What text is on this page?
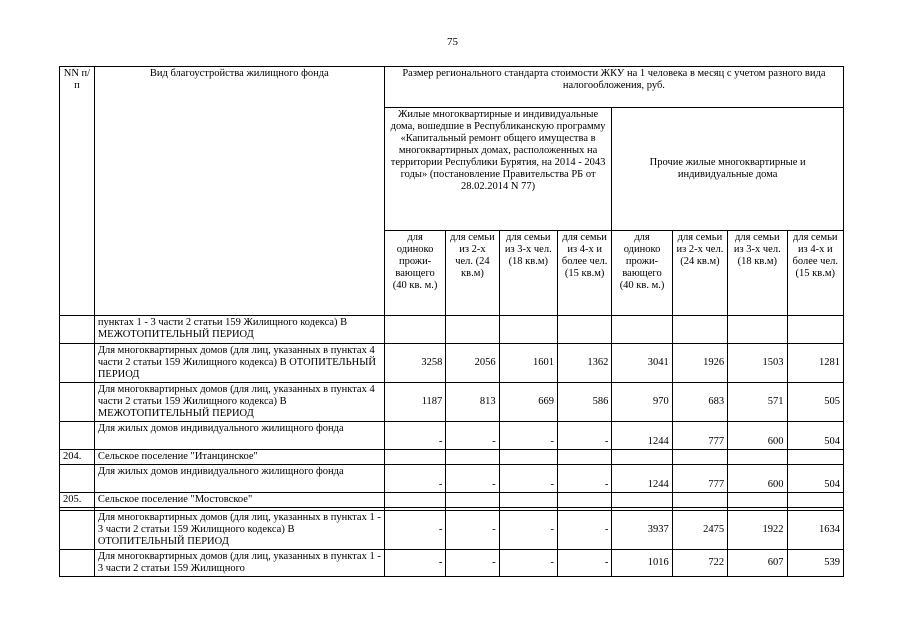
75
NN п/п	Вид благоустройства жилищного фонда	Размер регионального стандарта стоимости ЖКУ на 1 человека в месяц с учетом разного вида налогообложения, руб.							
		Жилые многоквартирные и индивидуальные дома, вошедшие в Республиканскую программу «Капитальный ремонт общего имущества в многоквартирных домах, расположенных на территории Республики Бурятия, на 2014 - 2043 годы» (постановление Правительства РБ от 28.02.2014 N 77)				Прочие жилые многоквартирные и индивидуальные дома			
		для одиноко прожи-вающего (40 кв. м.)	для семьи из 2-х чел. (24 кв.м)	для семьи из 3-х чел. (18 кв.м)	для семьи из 4-х и более чел. (15 кв.м)	для одиноко прожи-вающего (40 кв. м.)	для семьи из 2-х чел. (24 кв.м)	для семьи из 3-х чел. (18 кв.м)	для семьи из 4-х и более чел. (15 кв.м)
	пунктах 1 - 3 части 2 статьи 159 Жилищного кодекса) В МЕЖОТОПИТЕЛЬНЫЙ ПЕРИОД								
	Для многоквартирных домов (для лиц, указанных в пунктах 4 части 2 статьи 159 Жилищного кодекса) В ОТОПИТЕЛЬНЫЙ ПЕРИОД	3258	2056	1601	1362	3041	1926	1503	1281
	Для многоквартирных домов (для лиц, указанных в пунктах 4 части 2 статьи 159 Жилищного кодекса) В МЕЖОТОПИТЕЛЬНЫЙ ПЕРИОД	1187	813	669	586	970	683	571	505
	Для жилых домов индивидуального жилищного фонда	-	-	-	-	1244	777	600	504
204.	Сельское поселение "Итанцинское"								
	Для жилых домов индивидуального жилищного фонда	-	-	-	-	1244	777	600	504
205.	Сельское поселение "Мостовское"								

	Для многоквартирных домов (для лиц, указанных в пунктах 1 - 3 части 2 статьи 159 Жилищного кодекса) В ОТОПИТЕЛЬНЫЙ ПЕРИОД	-	-	-	-	3937	2475	1922	1634
	Для многоквартирных домов (для лиц, указанных в пунктах 1 - 3 части 2 статьи 159 Жилищного	-	-	-	-	1016	722	607	539
